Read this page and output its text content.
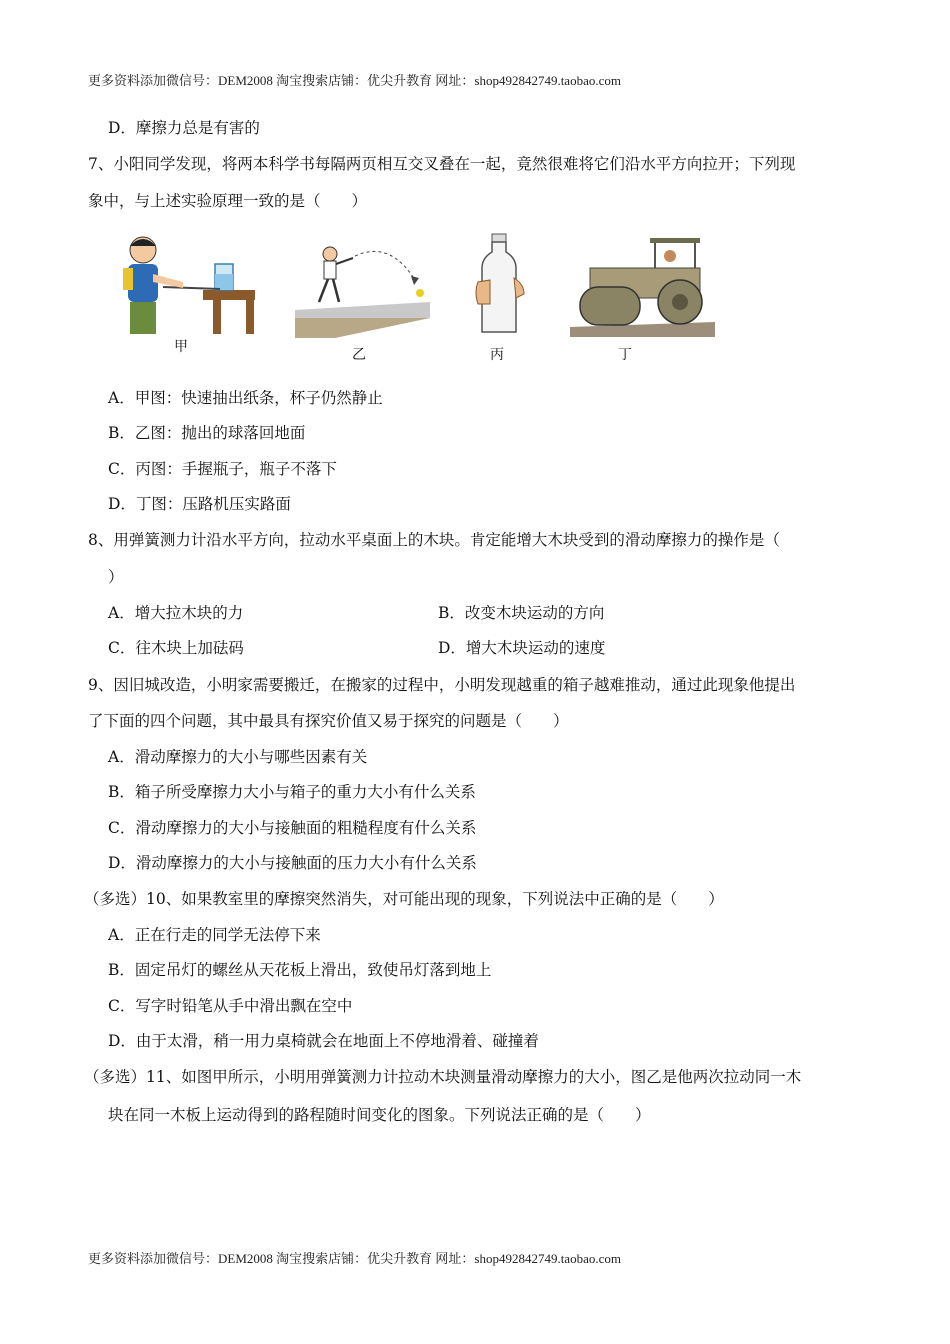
更多资料添加微信号：DEM2008 淘宝搜索店铺：优尖升教育 网址：shop492842749.taobao.com
D．摩擦力总是有害的
7、小阳同学发现，将两本科学书每隔两页相互交叉叠在一起，竟然很难将它们沿水平方向拉开；下列现
象中，与上述实验原理一致的是（　　）
甲	乙	丙	丁
A．甲图：快速抽出纸条，杯子仍然静止
B．乙图：抛出的球落回地面
C．丙图：手握瓶子，瓶子不落下
D．丁图：压路机压实路面
8、用弹簧测力计沿水平方向，拉动水平桌面上的木块。肯定能增大木块受到的滑动摩擦力的操作是（
）
A．增大拉木块的力	B．改变木块运动的方向
C．往木块上加砝码	D．增大木块运动的速度
9、因旧城改造，小明家需要搬迁，在搬家的过程中，小明发现越重的箱子越难推动，通过此现象他提出
了下面的四个问题，其中最具有探究价值又易于探究的问题是（　　）
A．滑动摩擦力的大小与哪些因素有关
B．箱子所受摩擦力大小与箱子的重力大小有什么关系
C．滑动摩擦力的大小与接触面的粗糙程度有什么关系
D．滑动摩擦力的大小与接触面的压力大小有什么关系
（多选）10、如果教室里的摩擦突然消失，对可能出现的现象，下列说法中正确的是（　　）
A．正在行走的同学无法停下来
B．固定吊灯的螺丝从天花板上滑出，致使吊灯落到地上
C．写字时铅笔从手中滑出飘在空中
D．由于太滑，稍一用力桌椅就会在地面上不停地滑着、碰撞着
（多选）11、如图甲所示，小明用弹簧测力计拉动木块测量滑动摩擦力的大小，图乙是他两次拉动同一木
块在同一木板上运动得到的路程随时间变化的图象。下列说法正确的是（　　）
更多资料添加微信号：DEM2008 淘宝搜索店铺：优尖升教育 网址：shop492842749.taobao.com
